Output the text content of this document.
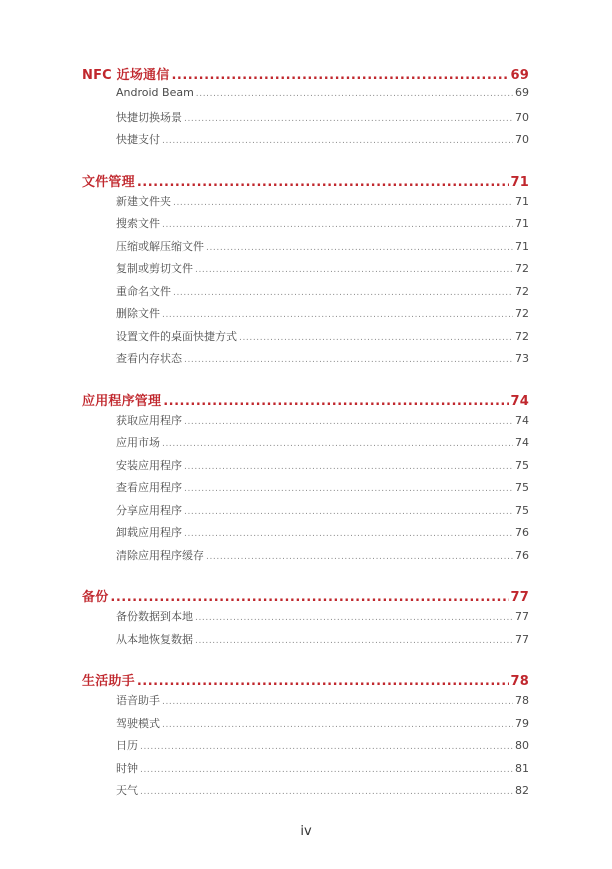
NFC 近场通信 .....	69
Android Beam .....	69
快捷切换场景 .....	70
快捷支付 .....	70
文件管理 .....	71
新建文件夹 .....	71
搜索文件 .....	71
压缩或解压缩文件 .....	71
复制或剪切文件 .....	72
重命名文件 .....	72
删除文件 .....	72
设置文件的桌面快捷方式 .....	72
查看内存状态 .....	73
应用程序管理 .....	74
获取应用程序 .....	74
应用市场 .....	74
安装应用程序 .....	75
查看应用程序 .....	75
分享应用程序 .....	75
卸载应用程序 .....	76
清除应用程序缓存 .....	76
备份 .....	77
备份数据到本地 .....	77
从本地恢复数据 .....	77
生活助手 .....	78
语音助手 .....	78
驾驶模式 .....	79
日历 .....	80
时钟 .....	81
天气 .....	82
iv
